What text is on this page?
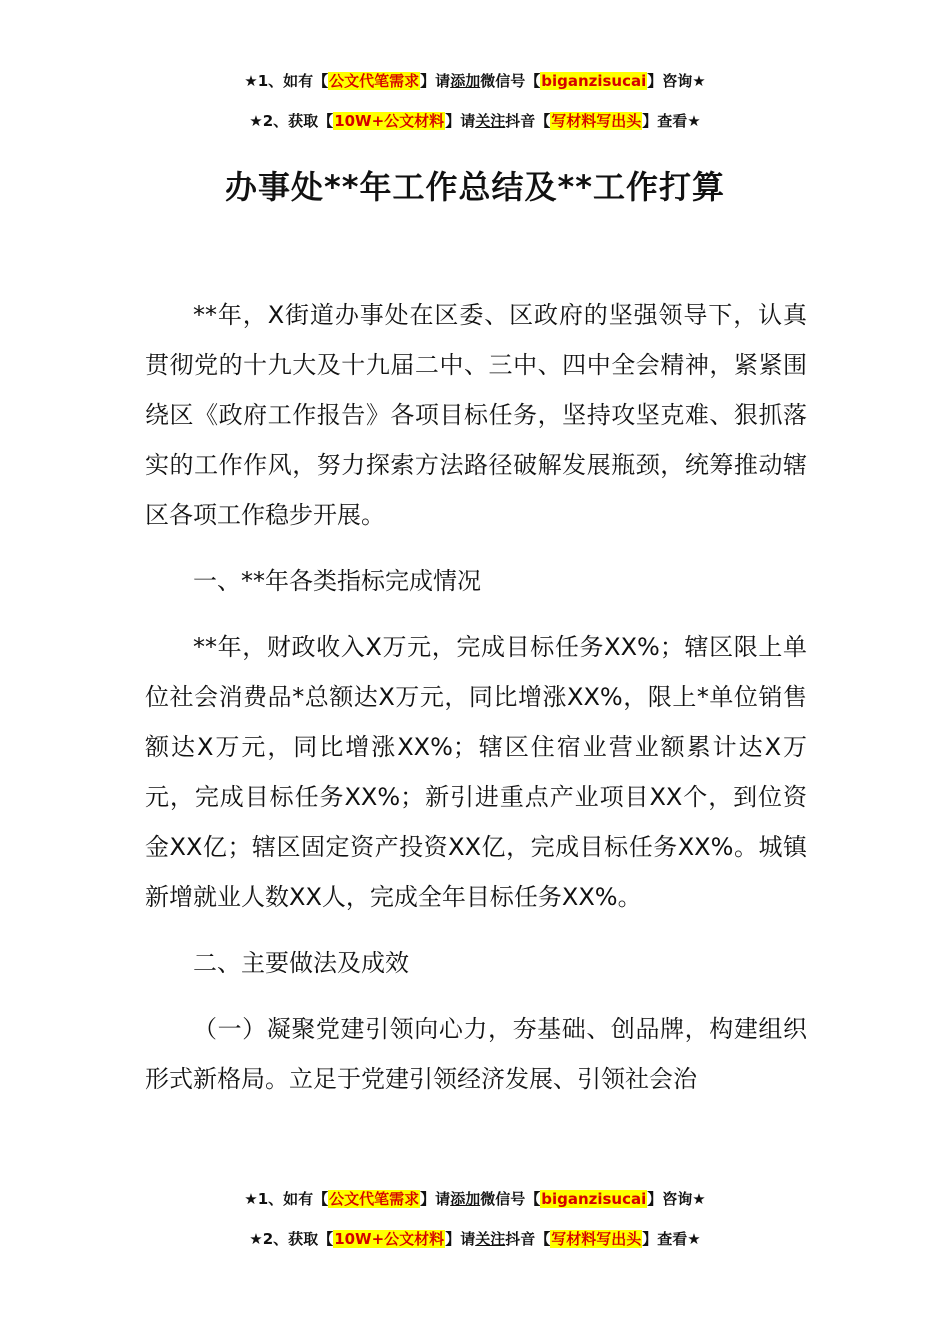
★1、如有【公文代笔需求】请添加微信号【biganzisucai】咨询★
★2、获取【10W+公文材料】请关注抖音【写材料写出头】查看★
办事处**年工作总结及**工作打算

**年，X街道办事处在区委、区政府的坚强领导下，认真贯彻党的十九大及十九届二中、三中、四中全会精神，紧紧围绕区《政府工作报告》各项目标任务，坚持攻坚克难、狠抓落实的工作作风，努力探索方法路径破解发展瓶颈，统筹推动辖区各项工作稳步开展。

一、**年各类指标完成情况

**年，财政收入X万元，完成目标任务XX%；辖区限上单位社会消费品*总额达X万元，同比增涨XX%，限上*单位销售额达X万元，同比增涨XX%；辖区住宿业营业额累计达X万元，完成目标任务XX%；新引进重点产业项目XX个，到位资金XX亿；辖区固定资产投资XX亿，完成目标任务XX%。城镇新增就业人数XX人，完成全年目标任务XX%。

二、主要做法及成效

（一）凝聚党建引领向心力，夯基础、创品牌，构建组织形式新格局。立足于党建引领经济发展、引领社会治

★1、如有【公文代笔需求】请添加微信号【biganzisucai】咨询★
★2、获取【10W+公文材料】请关注抖音【写材料写出头】查看★
